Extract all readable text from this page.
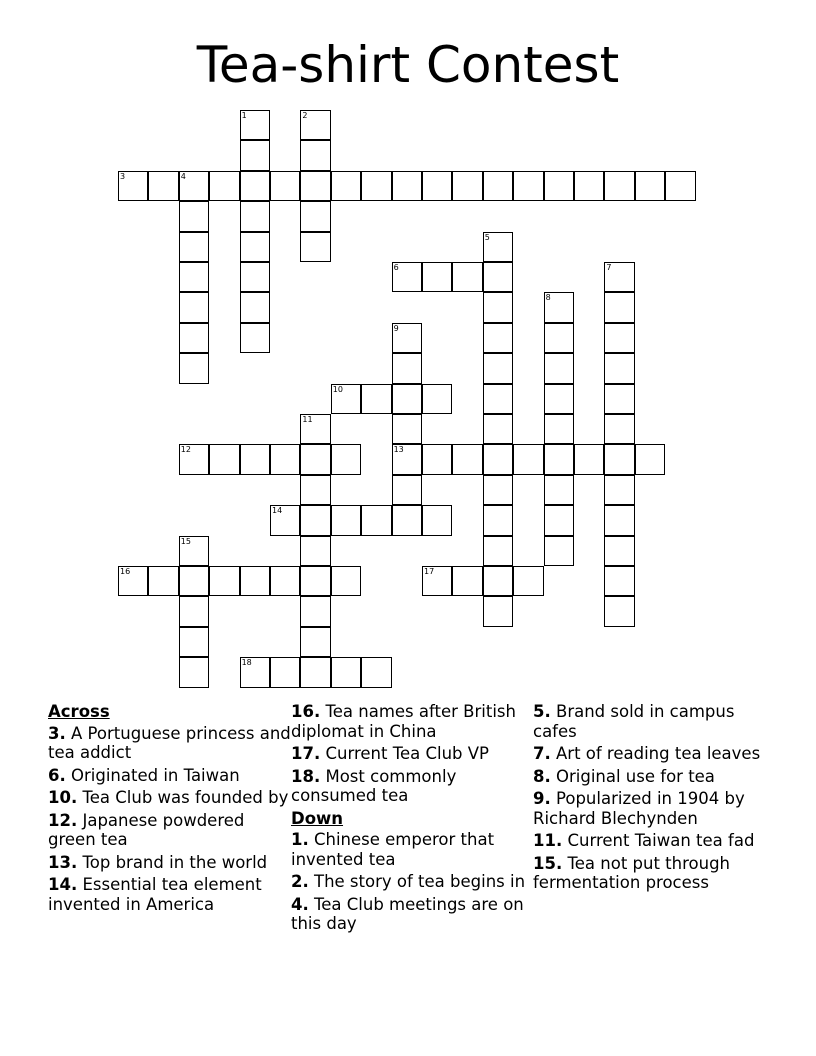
Tea-shirt Contest
1	2
3	4
5
6	7
8
9
13
10
11
12
14
15
16	17
18
Across
3. A Portuguese princess and tea addict
6. Originated in Taiwan
10. Tea Club was founded by
12. Japanese powdered green tea
13. Top brand in the world
14. Essential tea element invented in America
16. Tea names after British diplomat in China
17. Current Tea Club VP
18. Most commonly consumed tea
Down
1. Chinese emperor that invented tea
2. The story of tea begins in
4. Tea Club meetings are on this day
5. Brand sold in campus cafes
7. Art of reading tea leaves
8. Original use for tea
9. Popularized in 1904 by Richard Blechynden
11. Current Taiwan tea fad
15. Tea not put through fermentation process
